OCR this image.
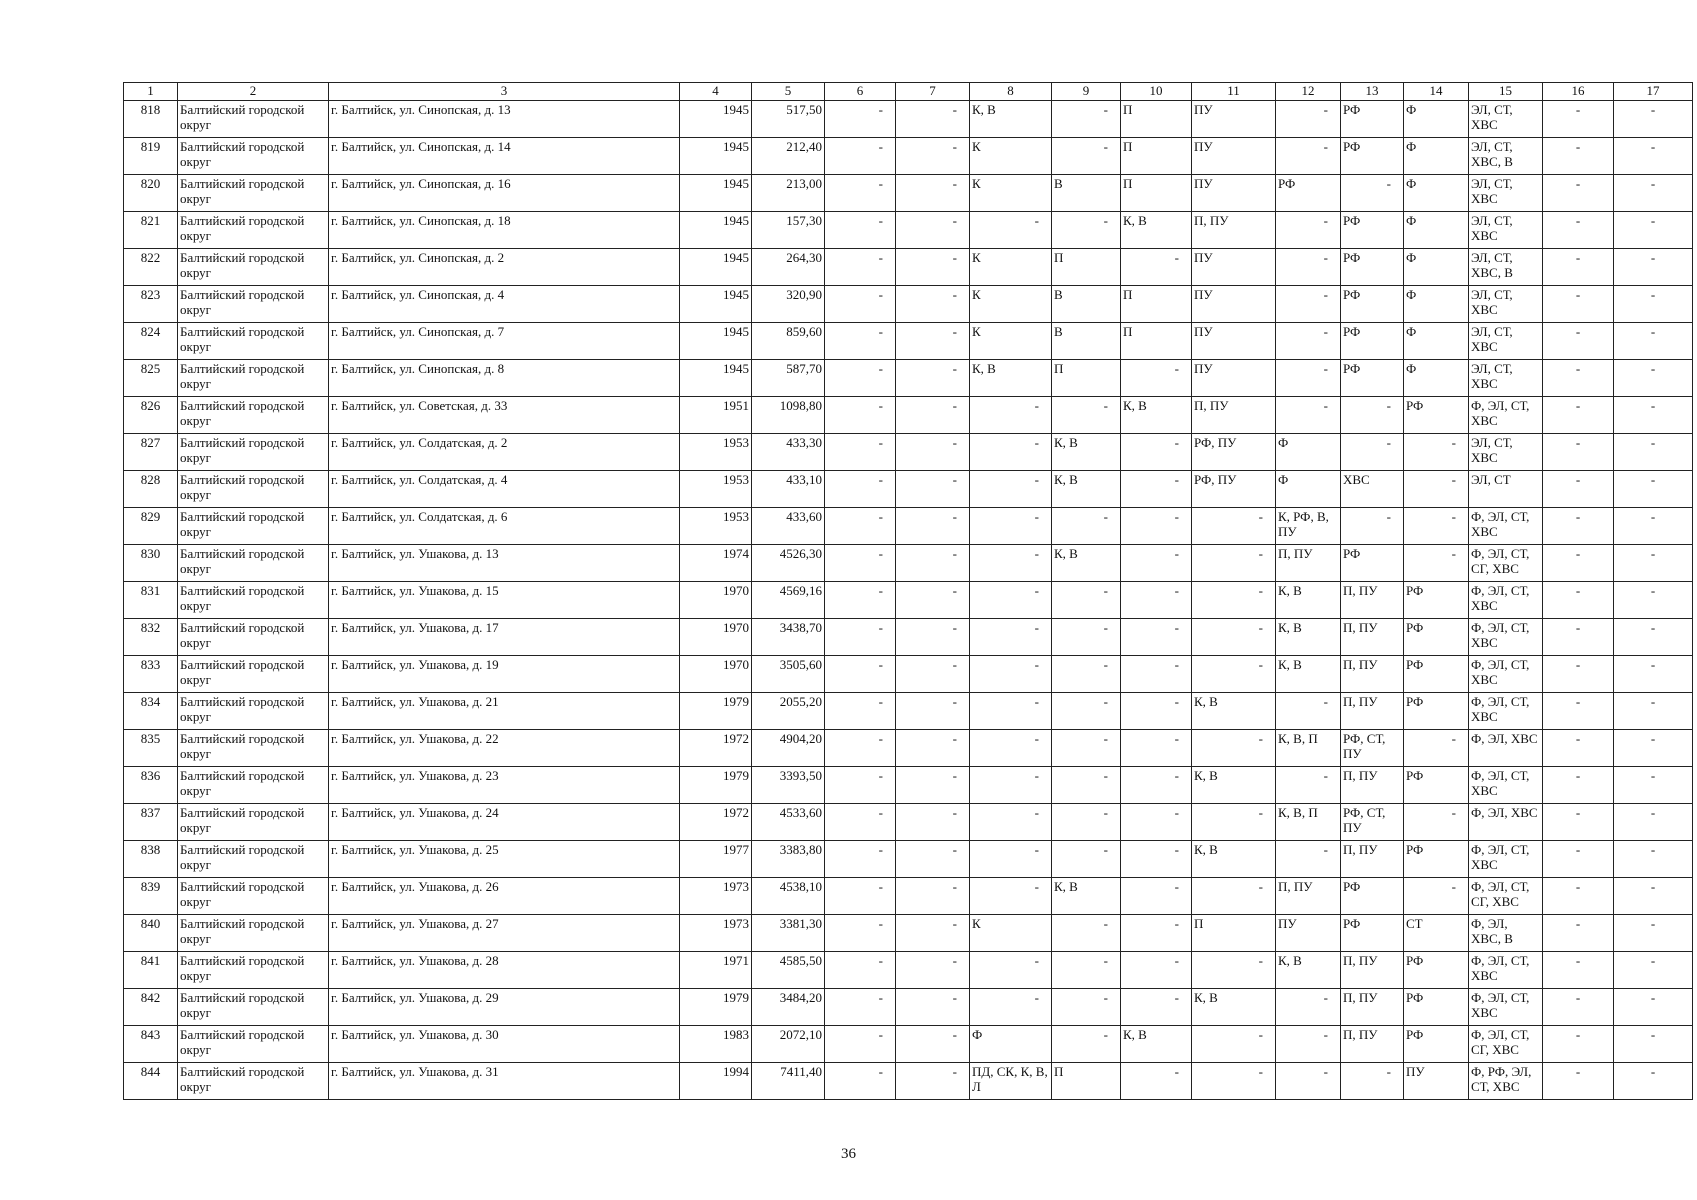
1	2	3	4	5	6	7	8	9	10	11	12	13	14	15	16	17
818	Балтийский городской округ	г. Балтийск, ул. Синопская, д. 13	1945	517,50	-	-	К, В	-	П	ПУ	-	РФ	Ф	ЭЛ, СТ, ХВС	-	-
819	Балтийский городской округ	г. Балтийск, ул. Синопская, д. 14	1945	212,40	-	-	К	-	П	ПУ	-	РФ	Ф	ЭЛ, СТ, ХВС, В	-	-
820	Балтийский городской округ	г. Балтийск, ул. Синопская, д. 16	1945	213,00	-	-	К	В	П	ПУ	РФ	-	Ф	ЭЛ, СТ, ХВС	-	-
821	Балтийский городской округ	г. Балтийск, ул. Синопская, д. 18	1945	157,30	-	-	-	-	К, В	П, ПУ	-	РФ	Ф	ЭЛ, СТ, ХВС	-	-
822	Балтийский городской округ	г. Балтийск, ул. Синопская, д. 2	1945	264,30	-	-	К	П	-	ПУ	-	РФ	Ф	ЭЛ, СТ, ХВС, В	-	-
823	Балтийский городской округ	г. Балтийск, ул. Синопская, д. 4	1945	320,90	-	-	К	В	П	ПУ	-	РФ	Ф	ЭЛ, СТ, ХВС	-	-
824	Балтийский городской округ	г. Балтийск, ул. Синопская, д. 7	1945	859,60	-	-	К	В	П	ПУ	-	РФ	Ф	ЭЛ, СТ, ХВС	-	-
825	Балтийский городской округ	г. Балтийск, ул. Синопская, д. 8	1945	587,70	-	-	К, В	П	-	ПУ	-	РФ	Ф	ЭЛ, СТ, ХВС	-	-
826	Балтийский городской округ	г. Балтийск, ул. Советская, д. 33	1951	1098,80	-	-	-	-	К, В	П, ПУ	-	-	РФ	Ф, ЭЛ, СТ, ХВС	-	-
827	Балтийский городской округ	г. Балтийск, ул. Солдатская, д. 2	1953	433,30	-	-	-	К, В	-	РФ, ПУ	Ф	-	-	ЭЛ, СТ, ХВС	-	-
828	Балтийский городской округ	г. Балтийск, ул. Солдатская, д. 4	1953	433,10	-	-	-	К, В	-	РФ, ПУ	Ф	ХВС	-	ЭЛ, СТ	-	-
829	Балтийский городской округ	г. Балтийск, ул. Солдатская, д. 6	1953	433,60	-	-	-	-	-	-	К, РФ, В, ПУ	-	-	Ф, ЭЛ, СТ, ХВС	-	-
830	Балтийский городской округ	г. Балтийск, ул. Ушакова, д. 13	1974	4526,30	-	-	-	К, В	-	-	П, ПУ	РФ	-	Ф, ЭЛ, СТ, СГ, ХВС	-	-
831	Балтийский городской округ	г. Балтийск, ул. Ушакова, д. 15	1970	4569,16	-	-	-	-	-	-	К, В	П, ПУ	РФ	Ф, ЭЛ, СТ, ХВС	-	-
832	Балтийский городской округ	г. Балтийск, ул. Ушакова, д. 17	1970	3438,70	-	-	-	-	-	-	К, В	П, ПУ	РФ	Ф, ЭЛ, СТ, ХВС	-	-
833	Балтийский городской округ	г. Балтийск, ул. Ушакова, д. 19	1970	3505,60	-	-	-	-	-	-	К, В	П, ПУ	РФ	Ф, ЭЛ, СТ, ХВС	-	-
834	Балтийский городской округ	г. Балтийск, ул. Ушакова, д. 21	1979	2055,20	-	-	-	-	-	К, В	-	П, ПУ	РФ	Ф, ЭЛ, СТ, ХВС	-	-
835	Балтийский городской округ	г. Балтийск, ул. Ушакова, д. 22	1972	4904,20	-	-	-	-	-	-	К, В, П	РФ, СТ, ПУ	-	Ф, ЭЛ, ХВС	-	-
836	Балтийский городской округ	г. Балтийск, ул. Ушакова, д. 23	1979	3393,50	-	-	-	-	-	К, В	-	П, ПУ	РФ	Ф, ЭЛ, СТ, ХВС	-	-
837	Балтийский городской округ	г. Балтийск, ул. Ушакова, д. 24	1972	4533,60	-	-	-	-	-	-	К, В, П	РФ, СТ, ПУ	-	Ф, ЭЛ, ХВС	-	-
838	Балтийский городской округ	г. Балтийск, ул. Ушакова, д. 25	1977	3383,80	-	-	-	-	-	К, В	-	П, ПУ	РФ	Ф, ЭЛ, СТ, ХВС	-	-
839	Балтийский городской округ	г. Балтийск, ул. Ушакова, д. 26	1973	4538,10	-	-	-	К, В	-	-	П, ПУ	РФ	-	Ф, ЭЛ, СТ, СГ, ХВС	-	-
840	Балтийский городской округ	г. Балтийск, ул. Ушакова, д. 27	1973	3381,30	-	-	К	-	-	П	ПУ	РФ	СТ	Ф, ЭЛ, ХВС, В	-	-
841	Балтийский городской округ	г. Балтийск, ул. Ушакова, д. 28	1971	4585,50	-	-	-	-	-	-	К, В	П, ПУ	РФ	Ф, ЭЛ, СТ, ХВС	-	-
842	Балтийский городской округ	г. Балтийск, ул. Ушакова, д. 29	1979	3484,20	-	-	-	-	-	К, В	-	П, ПУ	РФ	Ф, ЭЛ, СТ, ХВС	-	-
843	Балтийский городской округ	г. Балтийск, ул. Ушакова, д. 30	1983	2072,10	-	-	Ф	-	К, В	-	-	П, ПУ	РФ	Ф, ЭЛ, СТ, СГ, ХВС	-	-
844	Балтийский городской округ	г. Балтийск, ул. Ушакова, д. 31	1994	7411,40	-	-	ПД, СК, К, В, Л	П	-	-	-	-	ПУ	Ф, РФ, ЭЛ, СТ, ХВС	-	-
36
